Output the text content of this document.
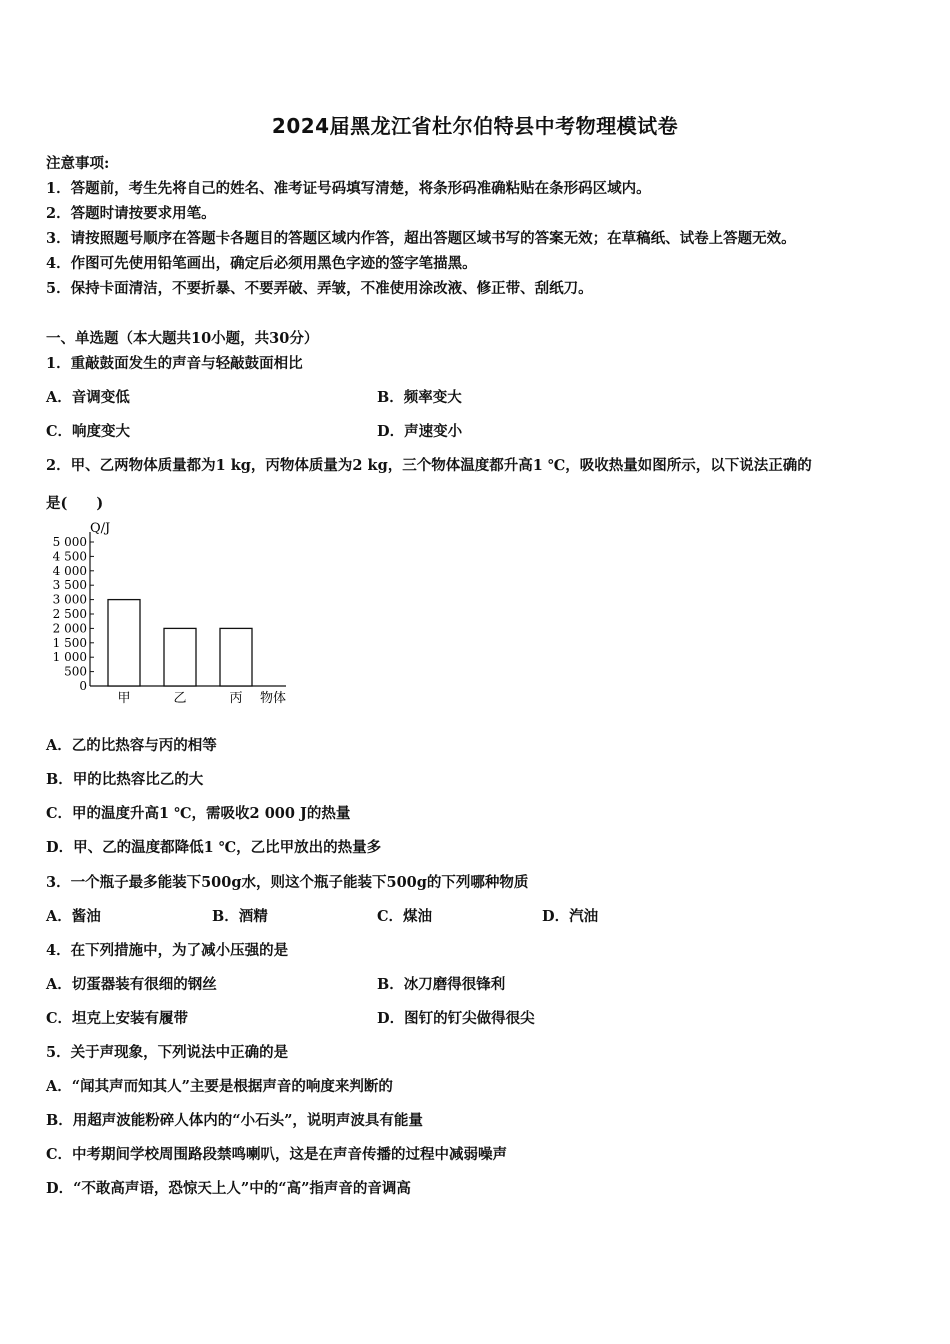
2024届黑龙江省杜尔伯特县中考物理模试卷
注意事项:
1．答题前，考生先将自己的姓名、准考证号码填写清楚，将条形码准确粘贴在条形码区域内。
2．答题时请按要求用笔。
3．请按照题号顺序在答题卡各题目的答题区域内作答，超出答题区域书写的答案无效；在草稿纸、试卷上答题无效。
4．作图可先使用铅笔画出，确定后必须用黑色字迹的签字笔描黑。
5．保持卡面清洁，不要折暴、不要弄破、弄皱，不准使用涂改液、修正带、刮纸刀。
一、单选题（本大题共10小题，共30分）
1．重敲鼓面发生的声音与轻敲鼓面相比
A．音调变低	B．频率变大
C．响度变大	D．声速变小
2．甲、乙两物体质量都为1 kg，丙物体质量为2 kg，三个物体温度都升高1 ℃，吸收热量如图所示，以下说法正确的
是(　　)
Q/J
0
500
1 000
1 500
2 000
2 500
3 000
3 500
4 000
4 500
5 000
甲	乙	丙 物体
A．乙的比热容与丙的相等
B．甲的比热容比乙的大
C．甲的温度升高1 ℃，需吸收2 000 J的热量
D．甲、乙的温度都降低1 ℃，乙比甲放出的热量多
3．一个瓶子最多能装下500g水，则这个瓶子能装下500g的下列哪种物质
A．酱油	B．酒精	C．煤油	D．汽油
4．在下列措施中，为了减小压强的是
A．切蛋器装有很细的钢丝	B．冰刀磨得很锋利
C．坦克上安装有履带	D．图钉的钉尖做得很尖
5．关于声现象，下列说法中正确的是
A．“闻其声而知其人”主要是根据声音的响度来判断的
B．用超声波能粉碎人体内的“小石头”，说明声波具有能量
C．中考期间学校周围路段禁鸣喇叭，这是在声音传播的过程中减弱噪声
D．“不敢高声语，恐惊天上人”中的“高”指声音的音调高
